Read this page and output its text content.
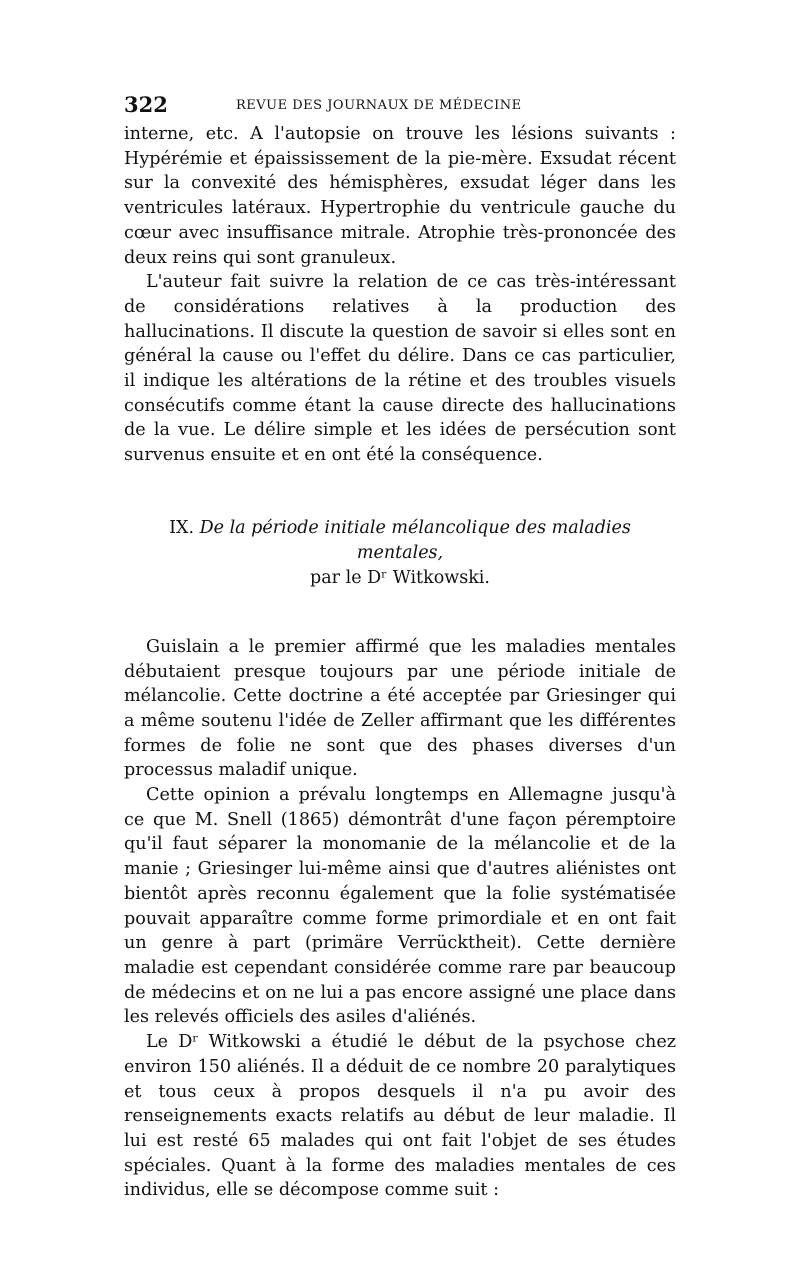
322	REVUE DES JOURNAUX DE MÉDECINE

interne, etc. A l'autopsie on trouve les lésions suivants : Hypérémie et épaississement de la pie-mère. Exsudat récent sur la convexité des hémisphères, exsudat léger dans les ventricules latéraux. Hypertrophie du ventricule gauche du cœur avec insuffisance mitrale. Atrophie très-prononcée des deux reins qui sont granuleux.

L'auteur fait suivre la relation de ce cas très-intéressant de considérations relatives à la production des hallucinations. Il discute la question de savoir si elles sont en général la cause ou l'effet du délire. Dans ce cas particulier, il indique les altérations de la rétine et des troubles visuels consécutifs comme étant la cause directe des hallucinations de la vue. Le délire simple et les idées de persécution sont survenus ensuite et en ont été la conséquence.

IX. De la période initiale mélancolique des maladies mentales,

par le Dʳ Witkowski.

Guislain a le premier affirmé que les maladies mentales débutaient presque toujours par une période initiale de mélancolie. Cette doctrine a été acceptée par Griesinger qui a même soutenu l'idée de Zeller affirmant que les différentes formes de folie ne sont que des phases diverses d'un processus maladif unique.

Cette opinion a prévalu longtemps en Allemagne jusqu'à ce que M. Snell (1865) démontrât d'une façon péremptoire qu'il faut séparer la monomanie de la mélancolie et de la manie ; Griesinger lui-même ainsi que d'autres aliénistes ont bientôt après reconnu également que la folie systématisée pouvait apparaître comme forme primordiale et en ont fait un genre à part (primäre Verrücktheit). Cette dernière maladie est cependant considérée comme rare par beaucoup de médecins et on ne lui a pas encore assigné une place dans les relevés officiels des asiles d'aliénés.

Le Dʳ Witkowski a étudié le début de la psychose chez environ 150 aliénés. Il a déduit de ce nombre 20 paralytiques et tous ceux à propos desquels il n'a pu avoir des renseignements exacts relatifs au début de leur maladie. Il lui est resté 65 malades qui ont fait l'objet de ses études spéciales. Quant à la forme des maladies mentales de ces individus, elle se décompose comme suit :
